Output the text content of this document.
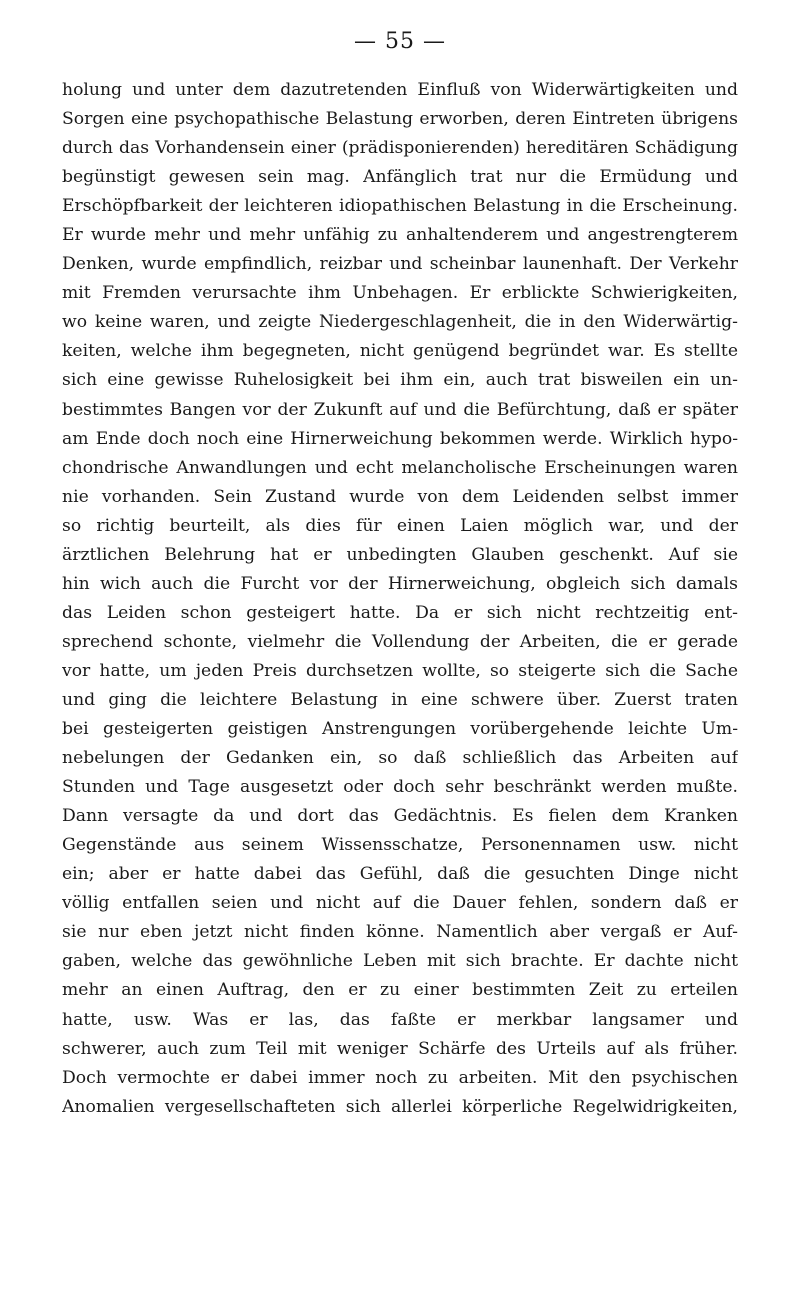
— 55 —
holung und unter dem dazutretenden Einfluß von Widerwärtigkeiten und
Sorgen eine psychopathische Belastung erworben, deren Eintreten übrigens
durch das Vorhandensein einer (prädisponierenden) hereditären Schädigung
begünstigt gewesen sein mag. Anfänglich trat nur die Ermüdung und
Erschöpfbarkeit der leichteren idiopathischen Belastung in die Erscheinung.
Er wurde mehr und mehr unfähig zu anhaltenderem und angestrengterem
Denken, wurde empfindlich, reizbar und scheinbar launenhaft. Der Verkehr
mit Fremden verursachte ihm Unbehagen. Er erblickte Schwierigkeiten,
wo keine waren, und zeigte Niedergeschlagenheit, die in den Widerwärtig-
keiten, welche ihm begegneten, nicht genügend begründet war. Es stellte
sich eine gewisse Ruhelosigkeit bei ihm ein, auch trat bisweilen ein un-
bestimmtes Bangen vor der Zukunft auf und die Befürchtung, daß er später
am Ende doch noch eine Hirnerweichung bekommen werde. Wirklich hypo-
chondrische Anwandlungen und echt melancholische Erscheinungen waren
nie vorhanden. Sein Zustand wurde von dem Leidenden selbst immer
so richtig beurteilt, als dies für einen Laien möglich war, und der
ärztlichen Belehrung hat er unbedingten Glauben geschenkt. Auf sie
hin wich auch die Furcht vor der Hirnerweichung, obgleich sich damals
das Leiden schon gesteigert hatte. Da er sich nicht rechtzeitig ent-
sprechend schonte, vielmehr die Vollendung der Arbeiten, die er gerade
vor hatte, um jeden Preis durchsetzen wollte, so steigerte sich die Sache
und ging die leichtere Belastung in eine schwere über. Zuerst traten
bei gesteigerten geistigen Anstrengungen vorübergehende leichte Um-
nebelungen der Gedanken ein, so daß schließlich das Arbeiten auf
Stunden und Tage ausgesetzt oder doch sehr beschränkt werden mußte.
Dann versagte da und dort das Gedächtnis. Es fielen dem Kranken
Gegenstände aus seinem Wissensschatze, Personennamen usw. nicht
ein; aber er hatte dabei das Gefühl, daß die gesuchten Dinge nicht
völlig entfallen seien und nicht auf die Dauer fehlen, sondern daß er
sie nur eben jetzt nicht finden könne. Namentlich aber vergaß er Auf-
gaben, welche das gewöhnliche Leben mit sich brachte. Er dachte nicht
mehr an einen Auftrag, den er zu einer bestimmten Zeit zu erteilen
hatte, usw. Was er las, das faßte er merkbar langsamer und
schwerer, auch zum Teil mit weniger Schärfe des Urteils auf als früher.
Doch vermochte er dabei immer noch zu arbeiten. Mit den psychischen
Anomalien vergesellschafteten sich allerlei körperliche Regelwidrigkeiten,
